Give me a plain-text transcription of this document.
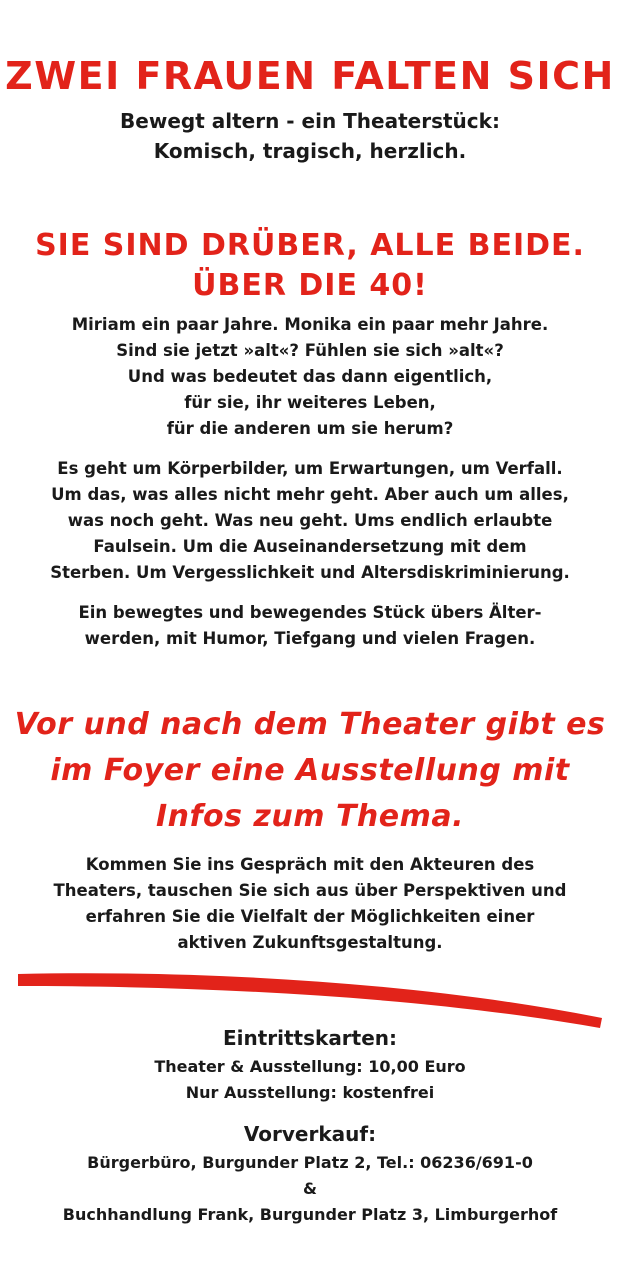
ZWEI FRAUEN FALTEN SICH
Bewegt altern - ein Theaterstück:
Komisch, tragisch, herzlich.
SIE SIND DRÜBER, ALLE BEIDE.
ÜBER DIE 40!
Miriam ein paar Jahre. Monika ein paar mehr Jahre.
Sind sie jetzt »alt«? Fühlen sie sich »alt«?
Und was bedeutet das dann eigentlich,
für sie, ihr weiteres Leben,
für die anderen um sie herum?
Es geht um Körperbilder, um Erwartungen, um Verfall.
Um das, was alles nicht mehr geht. Aber auch um alles,
was noch geht. Was neu geht. Ums endlich erlaubte
Faulsein. Um die Auseinandersetzung mit dem
Sterben. Um Vergesslichkeit und Altersdiskriminierung.
Ein bewegtes und bewegendes Stück übers Älter-
werden, mit Humor, Tiefgang und vielen Fragen.
Vor und nach dem Theater gibt es
im Foyer eine Ausstellung mit
Infos zum Thema.
Kommen Sie ins Gespräch mit den Akteuren des
Theaters, tauschen Sie sich aus über Perspektiven und
erfahren Sie die Vielfalt der Möglichkeiten einer
aktiven Zukunftsgestaltung.
Eintrittskarten:
Theater & Ausstellung: 10,00 Euro
Nur Ausstellung: kostenfrei
Vorverkauf:
Bürgerbüro, Burgunder Platz 2, Tel.: 06236/691-0
&
Buchhandlung Frank, Burgunder Platz 3, Limburgerhof
